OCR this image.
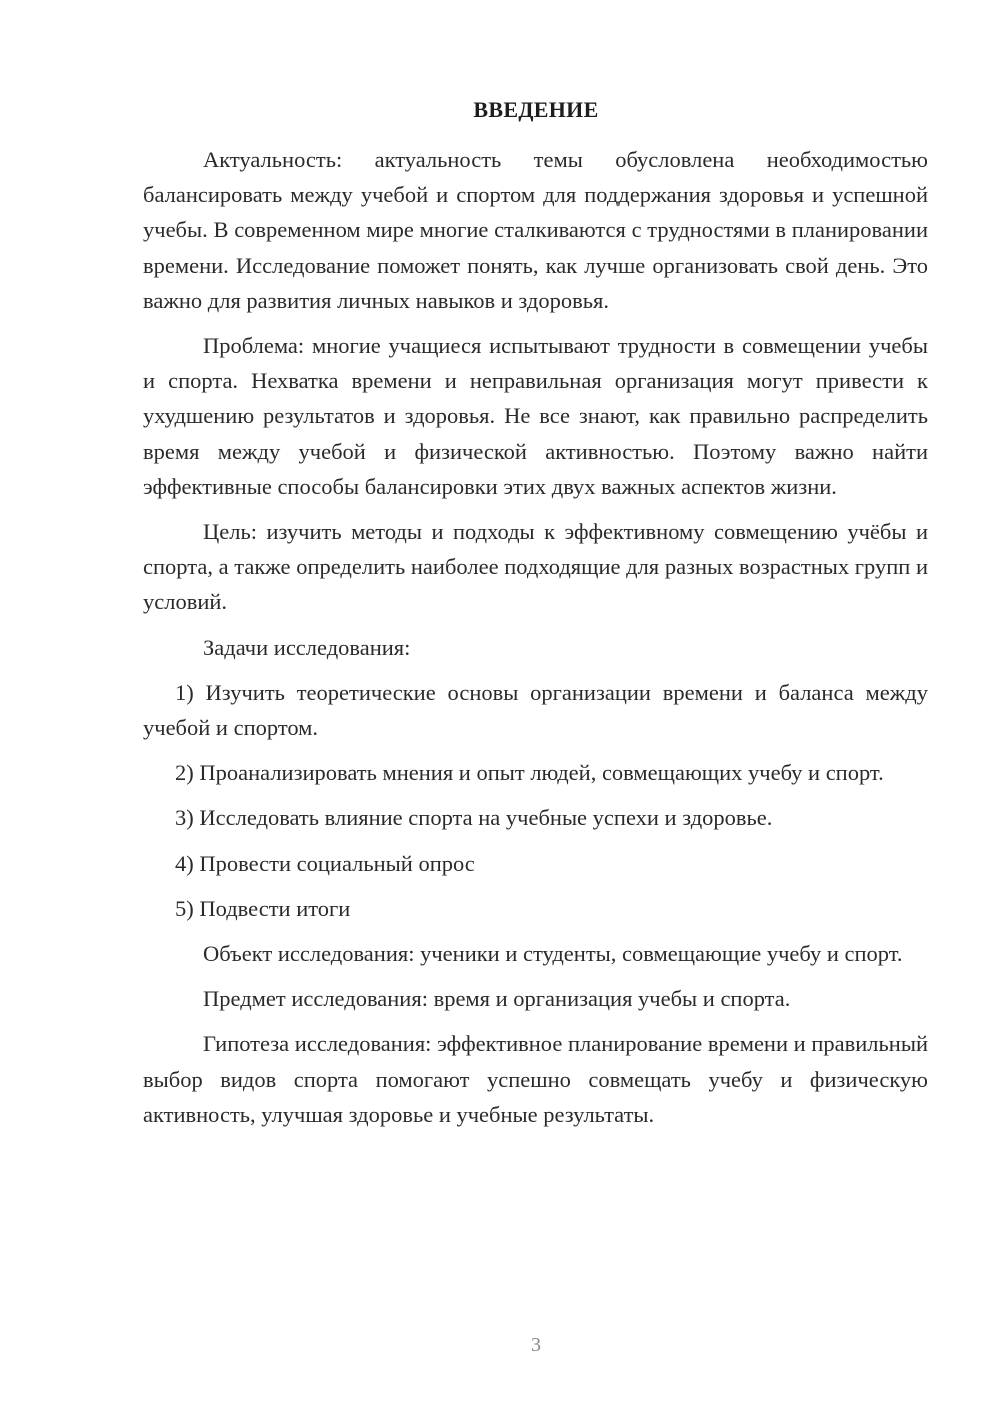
ВВЕДЕНИЕ

Актуальность: актуальность темы обусловлена необходимостью балансировать между учебой и спортом для поддержания здоровья и успешной учебы. В современном мире многие сталкиваются с трудностями в планировании времени. Исследование поможет понять, как лучше организовать свой день. Это важно для развития личных навыков и здоровья.

Проблема: многие учащиеся испытывают трудности в совмещении учебы и спорта. Нехватка времени и неправильная организация могут привести к ухудшению результатов и здоровья. Не все знают, как правильно распределить время между учебой и физической активностью. Поэтому важно найти эффективные способы балансировки этих двух важных аспектов жизни.

Цель: изучить методы и подходы к эффективному совмещению учёбы и спорта, а также определить наиболее подходящие для разных возрастных групп и условий.

Задачи исследования:

1) Изучить теоретические основы организации времени и баланса между учебой и спортом.

2) Проанализировать мнения и опыт людей, совмещающих учебу и спорт.

3) Исследовать влияние спорта на учебные успехи и здоровье.

4) Провести социальный опрос

5) Подвести итоги

Объект исследования: ученики и студенты, совмещающие учебу и спорт.

Предмет исследования: время и организация учебы и спорта.

Гипотеза исследования: эффективное планирование времени и правильный выбор видов спорта помогают успешно совмещать учебу и физическую активность, улучшая здоровье и учебные результаты.

3
